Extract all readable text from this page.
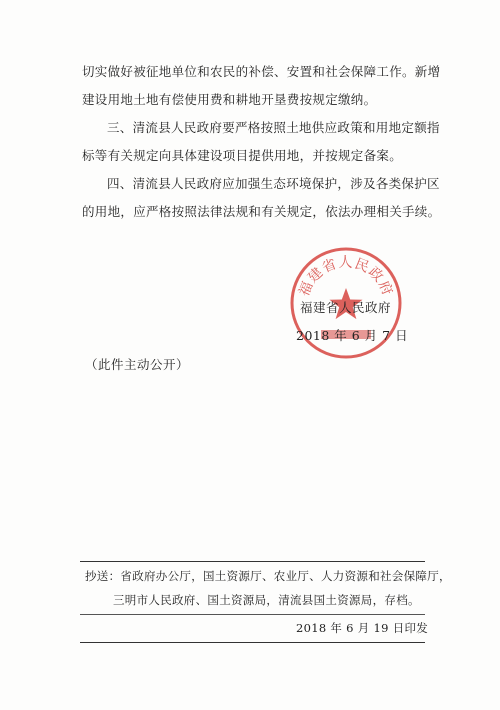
切实做好被征地单位和农民的补偿、安置和社会保障工作。新增建设用地土地有偿使用费和耕地开垦费按规定缴纳。

三、清流县人民政府要严格按照土地供应政策和用地定额指标等有关规定向具体建设项目提供用地，并按规定备案。

四、清流县人民政府应加强生态环境保护，涉及各类保护区的用地，应严格按照法律法规和有关规定，依法办理相关手续。

福建省人民政府
福建省人民政府
2018 年 6 月 7 日
（此件主动公开）
抄送：省政府办公厅，国土资源厅、农业厅、人力资源和社会保障厅，
三明市人民政府、国土资源局，清流县国土资源局，存档。
2018 年 6 月 19 日印发
